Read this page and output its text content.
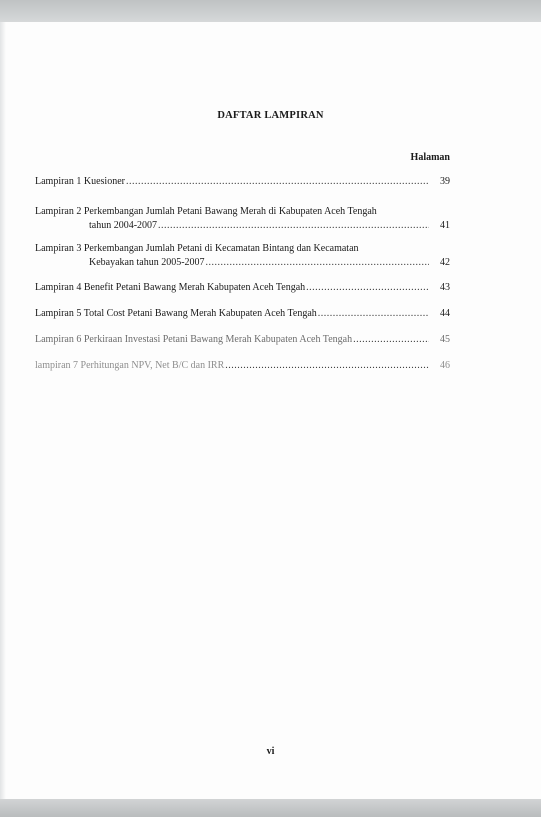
DAFTAR LAMPIRAN
Halaman
Lampiran 1 Kuesioner .....	39
Lampiran 2 Perkembangan Jumlah Petani Bawang Merah di Kabupaten Aceh Tengah
tahun 2004-2007 .....	41
Lampiran 3 Perkembangan Jumlah Petani di Kecamatan Bintang dan Kecamatan
Kebayakan tahun 2005-2007 .....	42
Lampiran 4 Benefit Petani Bawang Merah Kabupaten Aceh Tengah .....	43
Lampiran 5 Total Cost Petani Bawang Merah Kabupaten Aceh Tengah .....	44
Lampiran 6 Perkiraan Investasi Petani Bawang Merah Kabupaten Aceh Tengah .....	45
lampiran 7 Perhitungan NPV, Net B/C dan IRR .....	46
vi
